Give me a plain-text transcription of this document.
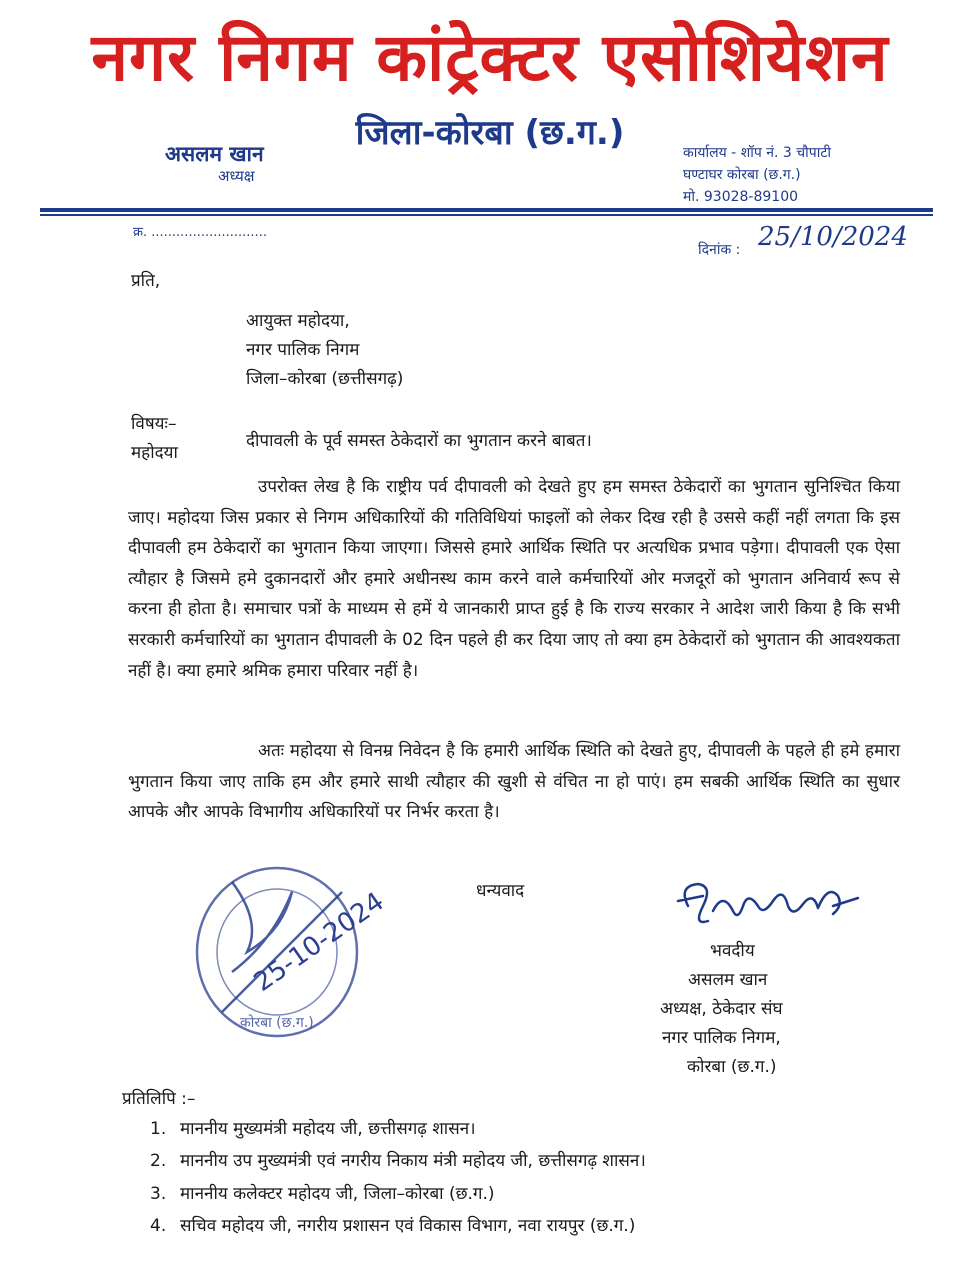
नगर निगम कांट्रेक्टर एसोशियेशन
जिला-कोरबा (छ.ग.)
असलम खान
अध्यक्ष
कार्यालय - शॉप नं. 3 चौपाटी
घण्टाघर कोरबा (छ.ग.)
मो. 93028-89100
क्र. ............................
दिनांक : 25/10/2024
प्रति,
आयुक्त महोदया,
नगर पालिक निगम
जिला–कोरबा (छत्तीसगढ़)
विषयः–
दीपावली के पूर्व समस्त ठेकेदारों का भुगतान करने बाबत।
महोदया
उपरोक्त लेख है कि राष्ट्रीय पर्व दीपावली को देखते हुए हम समस्त ठेकेदारों का भुगतान सुनिश्चित किया जाए। महोदया जिस प्रकार से निगम अधिकारियों की गतिविधियां फाइलों को लेकर दिख रही है उससे कहीं नहीं लगता कि इस दीपावली हम ठेकेदारों का भुगतान किया जाएगा। जिससे हमारे आर्थिक स्थिति पर अत्यधिक प्रभाव पड़ेगा। दीपावली एक ऐसा त्यौहार है जिसमे हमे दुकानदारों और हमारे अधीनस्थ काम करने वाले कर्मचारियों ओर मजदूरों को भुगतान अनिवार्य रूप से करना ही होता है। समाचार पत्रों के माध्यम से हमें ये जानकारी प्राप्त हुई है कि राज्य सरकार ने आदेश जारी किया है कि सभी सरकारी कर्मचारियों का भुगतान दीपावली के 02 दिन पहले ही कर दिया जाए तो क्या हम ठेकेदारों को भुगतान की आवश्यकता नहीं है। क्या हमारे श्रमिक हमारा परिवार नहीं है।
अतः महोदया से विनम्र निवेदन है कि हमारी आर्थिक स्थिति को देखते हुए, दीपावली के पहले ही हमे हमारा भुगतान किया जाए ताकि हम और हमारे साथी त्यौहार की खुशी से वंचित ना हो पाएं। हम सबकी आर्थिक स्थिति का सुधार आपके और आपके विभागीय अधिकारियों पर निर्भर करता है।
25-10-2024
कोरबा (छ.ग.)
धन्यवाद
भवदीय
असलम खान
अध्यक्ष, ठेकेदार संघ
नगर पालिक निगम,
कोरबा (छ.ग.)
प्रतिलिपि :–
1. माननीय मुख्यमंत्री महोदय जी, छत्तीसगढ़ शासन।
2. माननीय उप मुख्यमंत्री एवं नगरीय निकाय मंत्री महोदय जी, छत्तीसगढ़ शासन।
3. माननीय कलेक्टर महोदय जी, जिला–कोरबा (छ.ग.)
4. सचिव महोदय जी, नगरीय प्रशासन एवं विकास विभाग, नवा रायपुर (छ.ग.)
